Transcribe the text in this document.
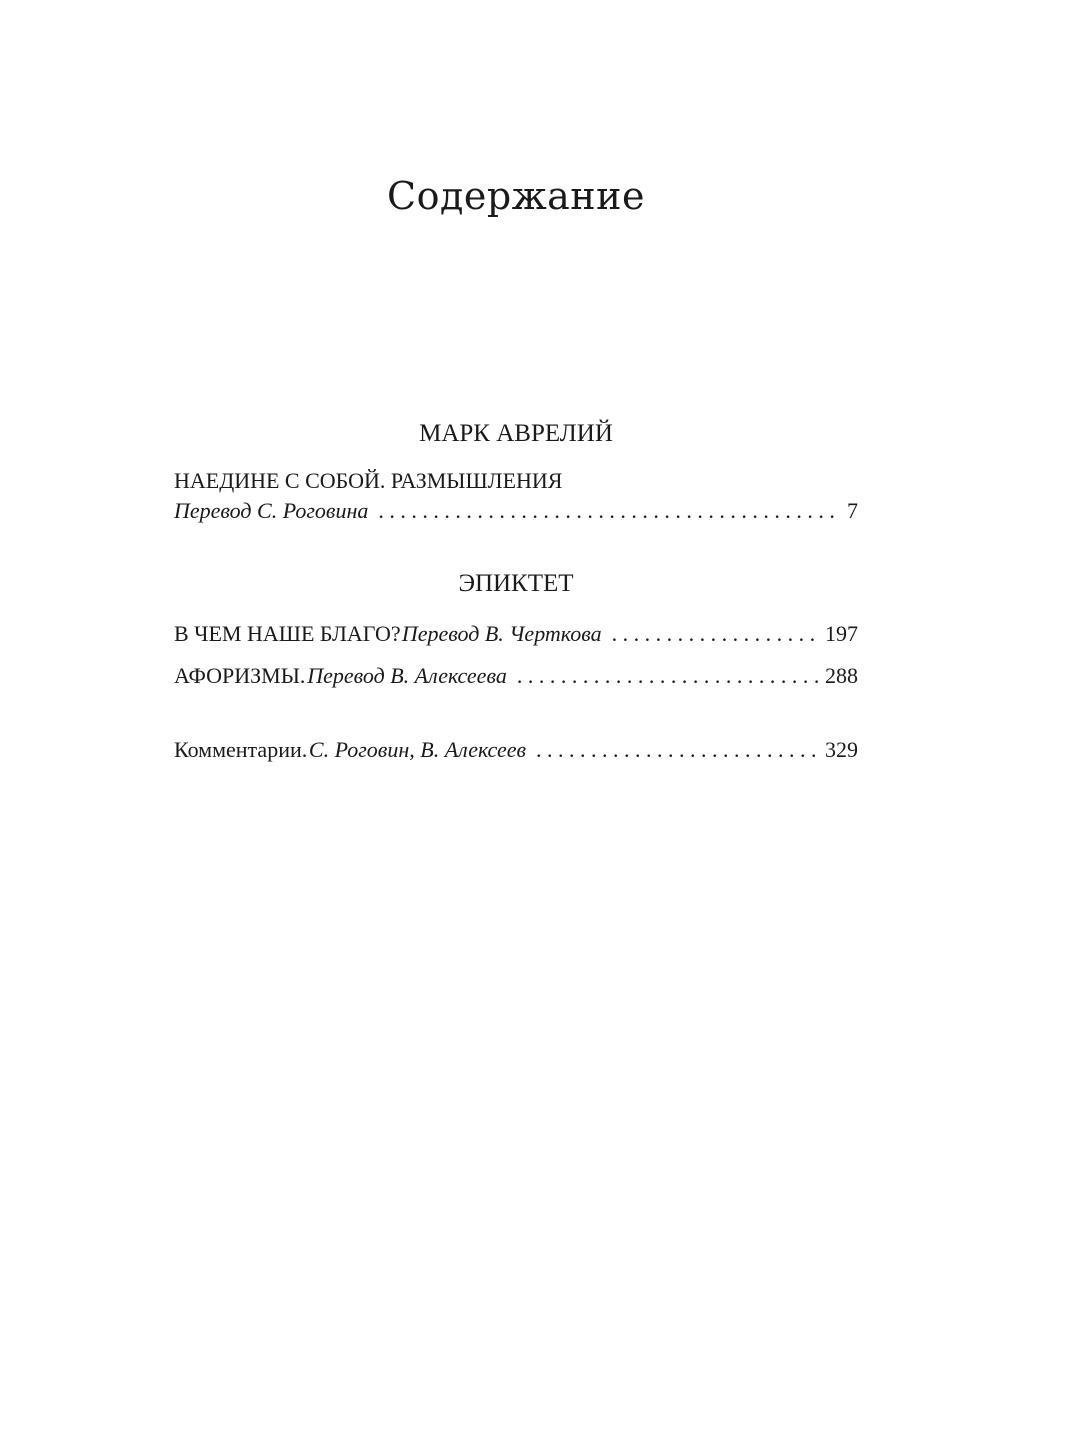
Содержание
МАРК АВРЕЛИЙ
НАЕДИНЕ С СОБОЙ. РАЗМЫШЛЕНИЯ
Перевод С. Роговина . . .	7
ЭПИКТЕТ
В ЧЕМ НАШЕ БЛАГО? Перевод В. Черткова . . .	197
АФОРИЗМЫ. Перевод В. Алексеева . . .	288
Комментарии. С. Роговин, В. Алексеев . . .	329
